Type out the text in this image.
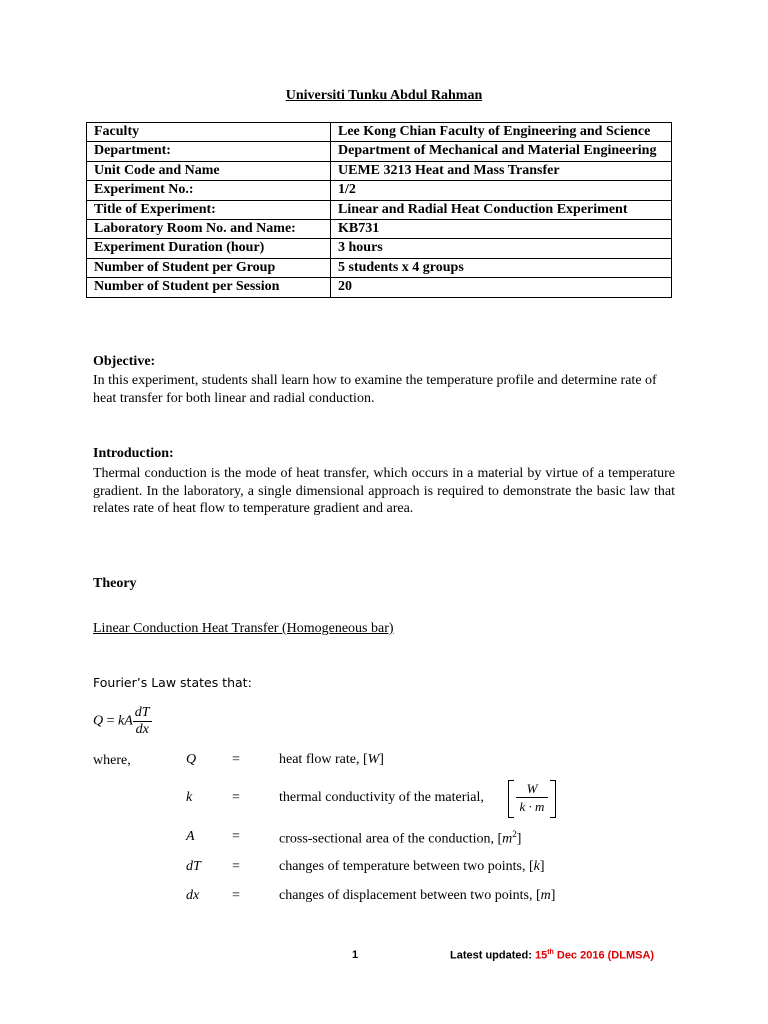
Universiti Tunku Abdul Rahman
Faculty	Lee Kong Chian Faculty of Engineering and Science
Department:	Department of Mechanical and Material Engineering
Unit Code and Name	UEME 3213 Heat and Mass Transfer
Experiment No.:	1/2
Title of Experiment:	Linear and Radial Heat Conduction Experiment
Laboratory Room No. and Name:	KB731
Experiment Duration (hour)	3 hours
Number of Student per Group	5 students x 4 groups
Number of Student per Session	20
Objective:
In this experiment, students shall learn how to examine the temperature profile and determine rate of heat transfer for both linear and radial conduction.
Introduction:
Thermal conduction is the mode of heat transfer, which occurs in a material by virtue of a temperature gradient. In the laboratory, a single dimensional approach is required to demonstrate the basic law that relates rate of heat flow to temperature gradient and area.
Theory
Linear Conduction Heat Transfer (Homogeneous bar)
Fourier’s Law states that:
Q = kA $\frac{dT}{dx}$
where,	Q	=	heat flow rate, [W]
k	=	thermal conductivity of the material, $\frac{W}{k \cdot m}$
A	=	cross-sectional area of the conduction, $[m^2]$
dT =	changes of temperature between two points, [k]
dx =	changes of displacement between two points, [m]
1	Latest updated: 15th Dec 2016 (DLMSA)
